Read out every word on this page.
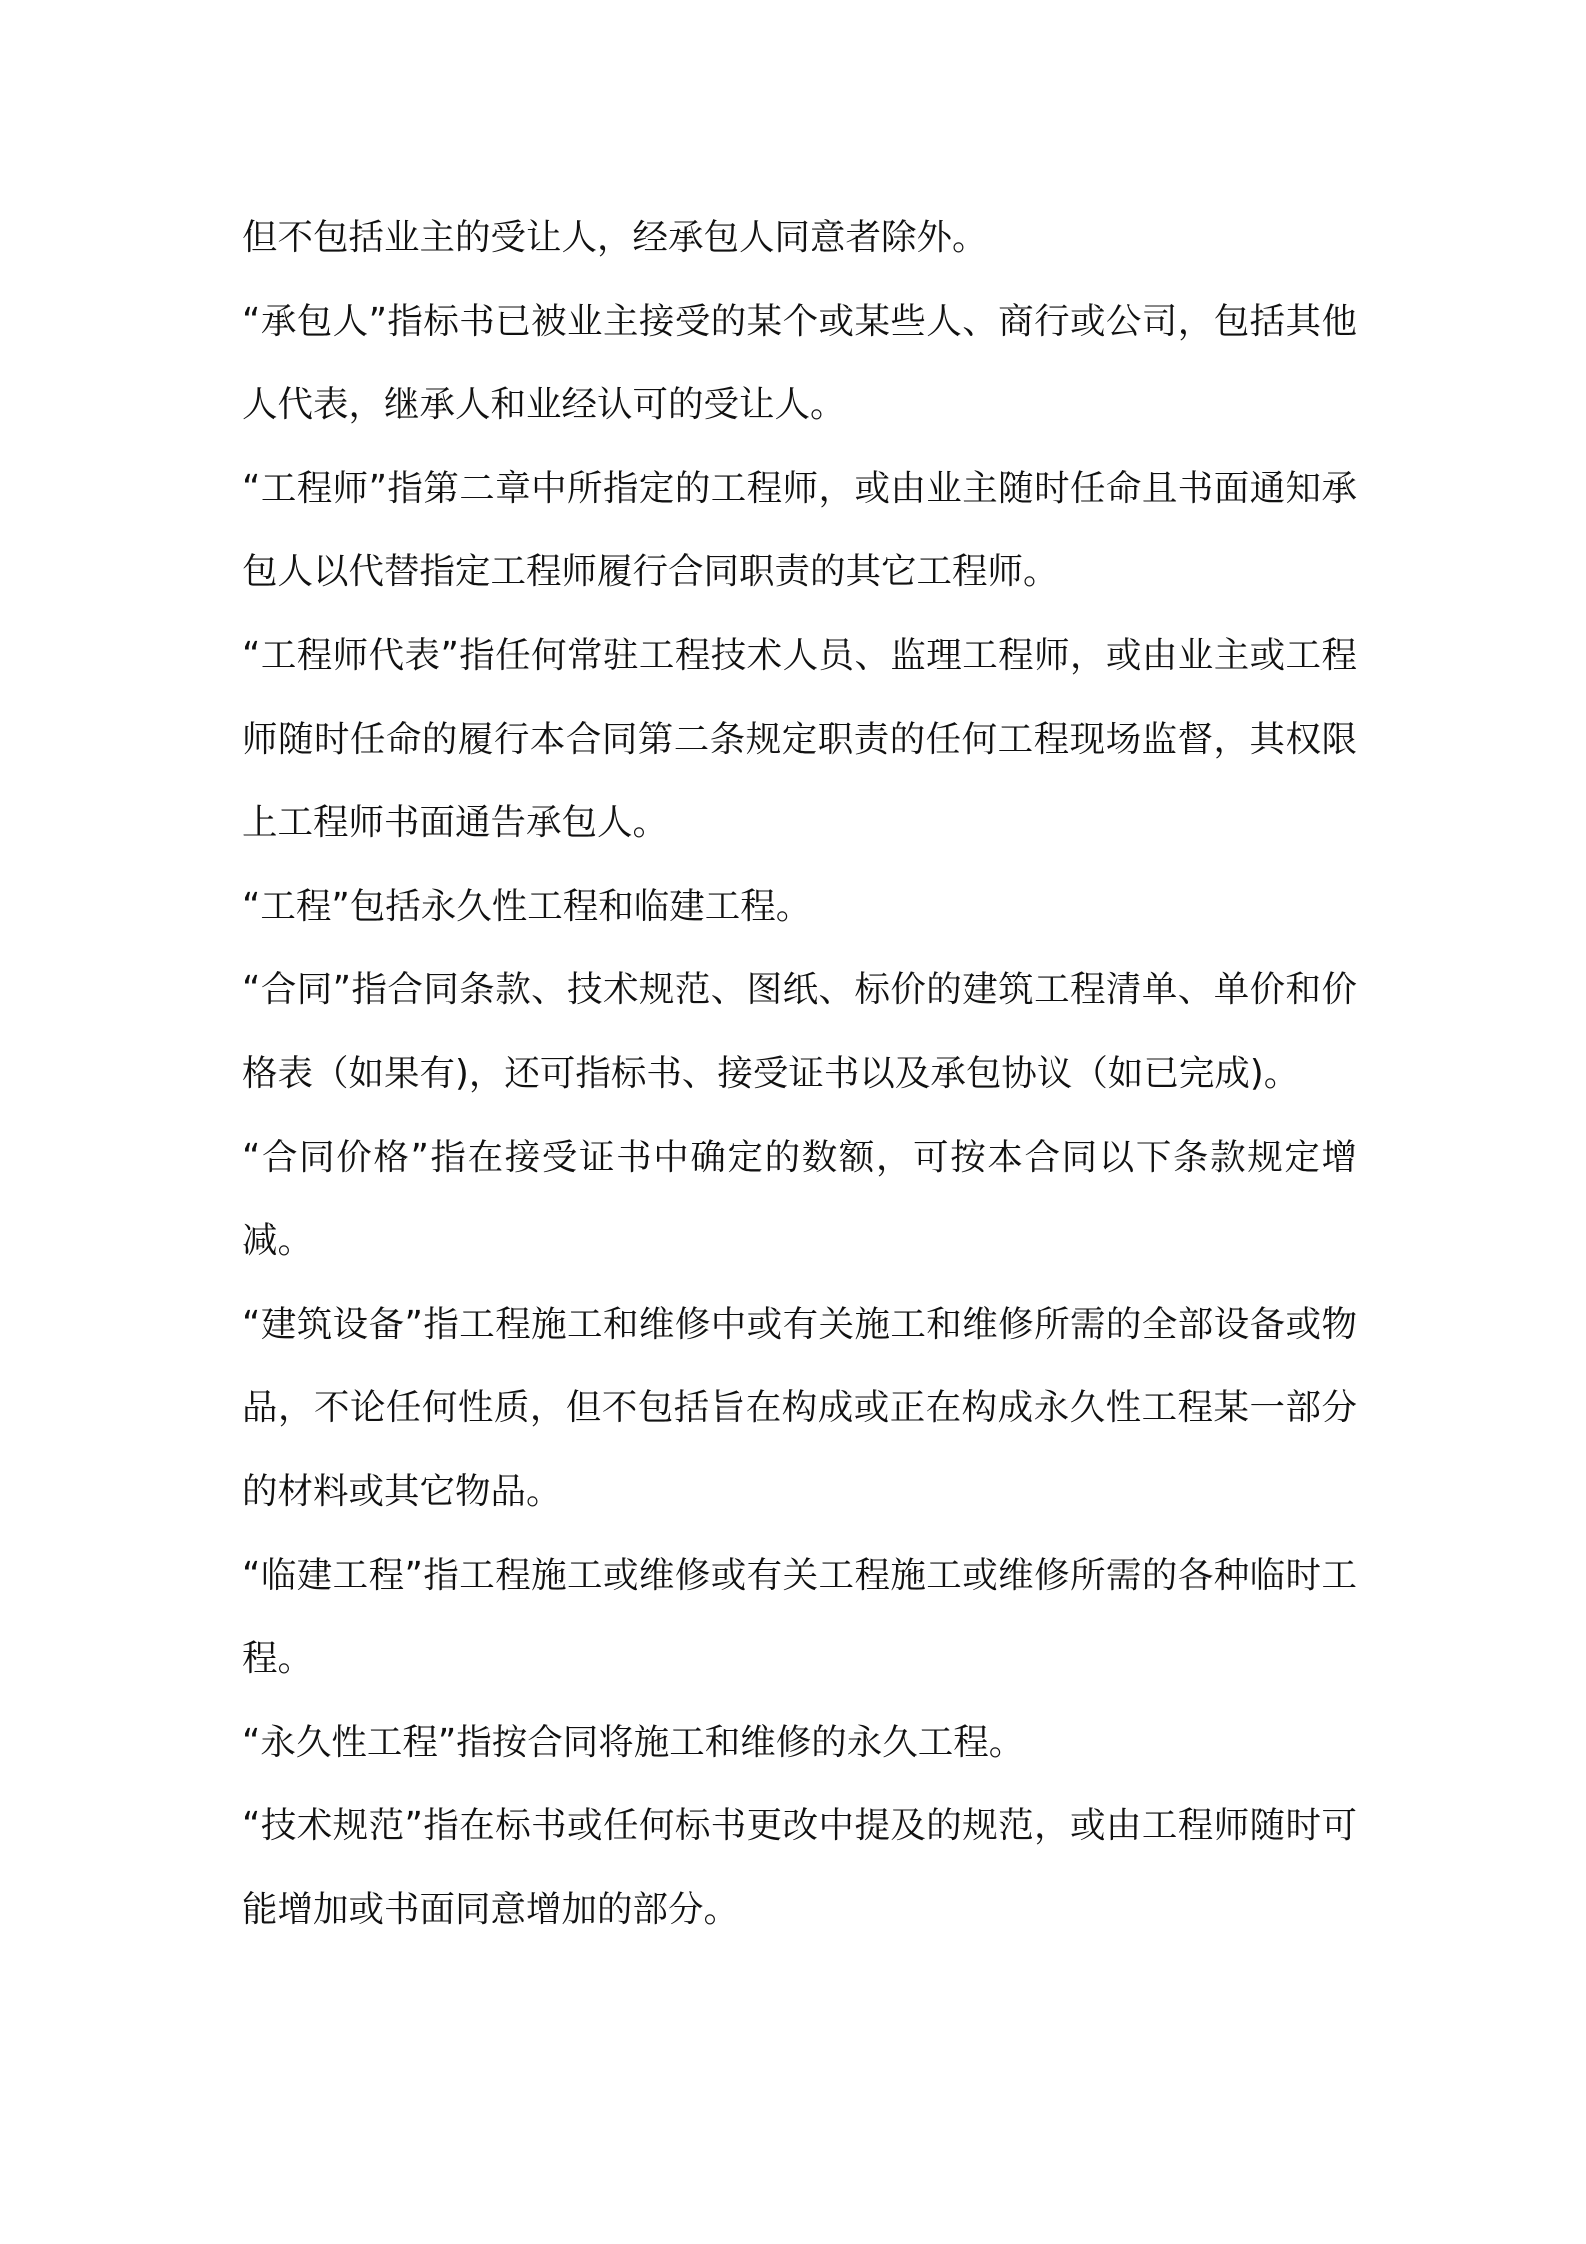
但不包括业主的受让人，经承包人同意者除外。

“承包人”指标书已被业主接受的某个或某些人、商行或公司，包括其他人代表，继承人和业经认可的受让人。

“工程师”指第二章中所指定的工程师，或由业主随时任命且书面通知承包人以代替指定工程师履行合同职责的其它工程师。

“工程师代表”指任何常驻工程技术人员、监理工程师，或由业主或工程师随时任命的履行本合同第二条规定职责的任何工程现场监督，其权限上工程师书面通告承包人。

“工程”包括永久性工程和临建工程。

“合同”指合同条款、技术规范、图纸、标价的建筑工程清单、单价和价格表（如果有)，还可指标书、接受证书以及承包协议（如已完成)。

“合同价格”指在接受证书中确定的数额，可按本合同以下条款规定增减。

“建筑设备”指工程施工和维修中或有关施工和维修所需的全部设备或物品，不论任何性质，但不包括旨在构成或正在构成永久性工程某一部分的材料或其它物品。

“临建工程”指工程施工或维修或有关工程施工或维修所需的各种临时工程。

“永久性工程”指按合同将施工和维修的永久工程。

“技术规范”指在标书或任何标书更改中提及的规范，或由工程师随时可能增加或书面同意增加的部分。
